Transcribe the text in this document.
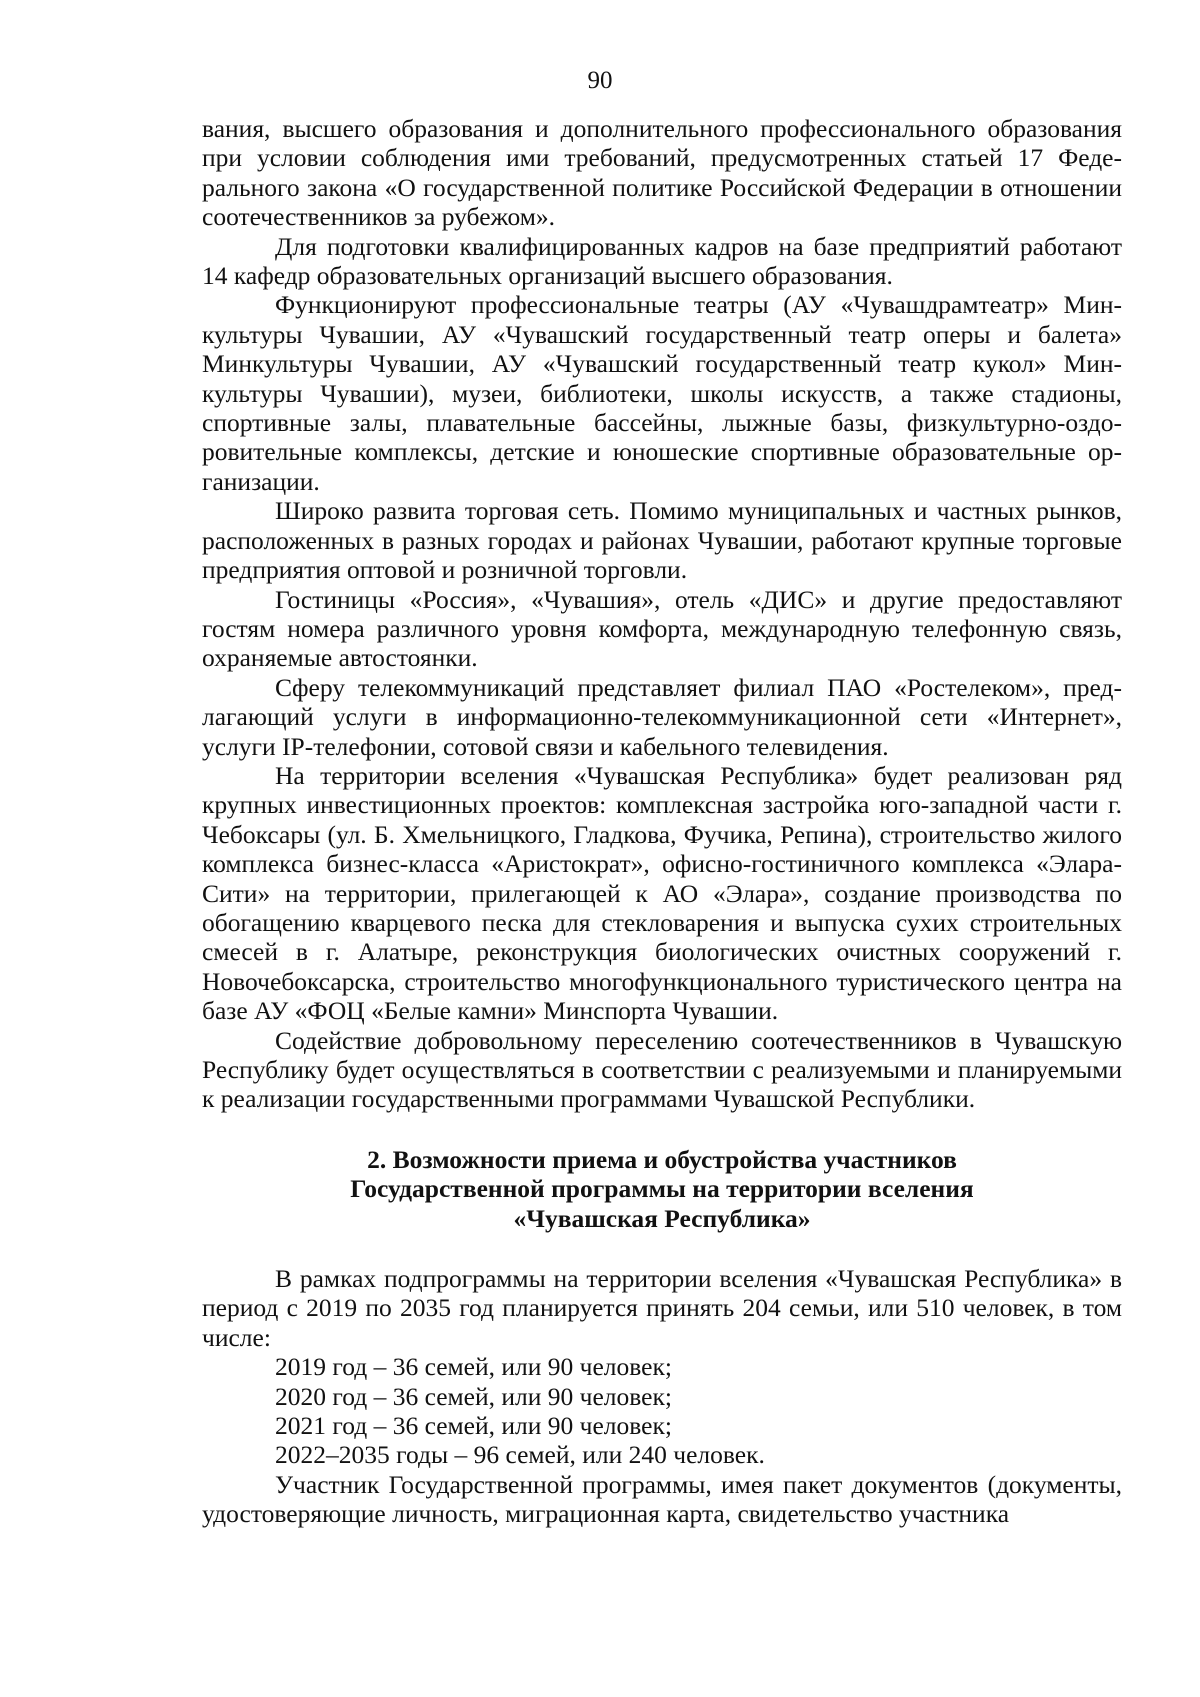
90

вания, высшего образования и дополнительного профессионального образования при условии соблюдения ими требований, предусмотренных статьей 17 Федерального закона «О государственной политике Российской Федерации в отношении соотечественников за рубежом».

Для подготовки квалифицированных кадров на базе предприятий работают 14 кафедр образовательных организаций высшего образования.

Функционируют профессиональные театры (АУ «Чувашдрамтеатр» Минкультуры Чувашии, АУ «Чувашский государственный театр оперы и балета» Минкультуры Чувашии, АУ «Чувашский государственный театр кукол» Минкультуры Чувашии), музеи, библиотеки, школы искусств, а также стадионы, спортивные залы, плавательные бассейны, лыжные базы, физкультурно-оздоровительные комплексы, детские и юношеские спортивные образовательные организации.

Широко развита торговая сеть. Помимо муниципальных и частных рынков, расположенных в разных городах и районах Чувашии, работают крупные торговые предприятия оптовой и розничной торговли.

Гостиницы «Россия», «Чувашия», отель «ДИС» и другие предоставляют гостям номера различного уровня комфорта, международную телефонную связь, охраняемые автостоянки.

Сферу телекоммуникаций представляет филиал ПАО «Ростелеком», предлагающий услуги в информационно-телекоммуникационной сети «Интернет», услуги IP-телефонии, сотовой связи и кабельного телевидения.

На территории вселения «Чувашская Республика» будет реализован ряд крупных инвестиционных проектов: комплексная застройка юго-западной части г. Чебоксары (ул. Б. Хмельницкого, Гладкова, Фучика, Репина), строительство жилого комплекса бизнес-класса «Аристократ», офисно-гостиничного комплекса «Элара-Сити» на территории, прилегающей к АО «Элара», создание производства по обогащению кварцевого песка для стекловарения и выпуска сухих строительных смесей в г. Алатыре, реконструкция биологических очистных сооружений г. Новочебоксарска, строительство многофункционального туристического центра на базе АУ «ФОЦ «Белые камни» Минспорта Чувашии.

Содействие добровольному переселению соотечественников в Чувашскую Республику будет осуществляться в соответствии с реализуемыми и планируемыми к реализации государственными программами Чувашской Республики.

2. Возможности приема и обустройства участников
Государственной программы на территории вселения
«Чувашская Республика»

В рамках подпрограммы на территории вселения «Чувашская Республика» в период с 2019 по 2035 год планируется принять 204 семьи, или 510 человек, в том числе:

2019 год – 36 семей, или 90 человек;

2020 год – 36 семей, или 90 человек;

2021 год – 36 семей, или 90 человек;

2022–2035 годы – 96 семей, или 240 человек.

Участник Государственной программы, имея пакет документов (документы, удостоверяющие личность, миграционная карта, свидетельство участника
